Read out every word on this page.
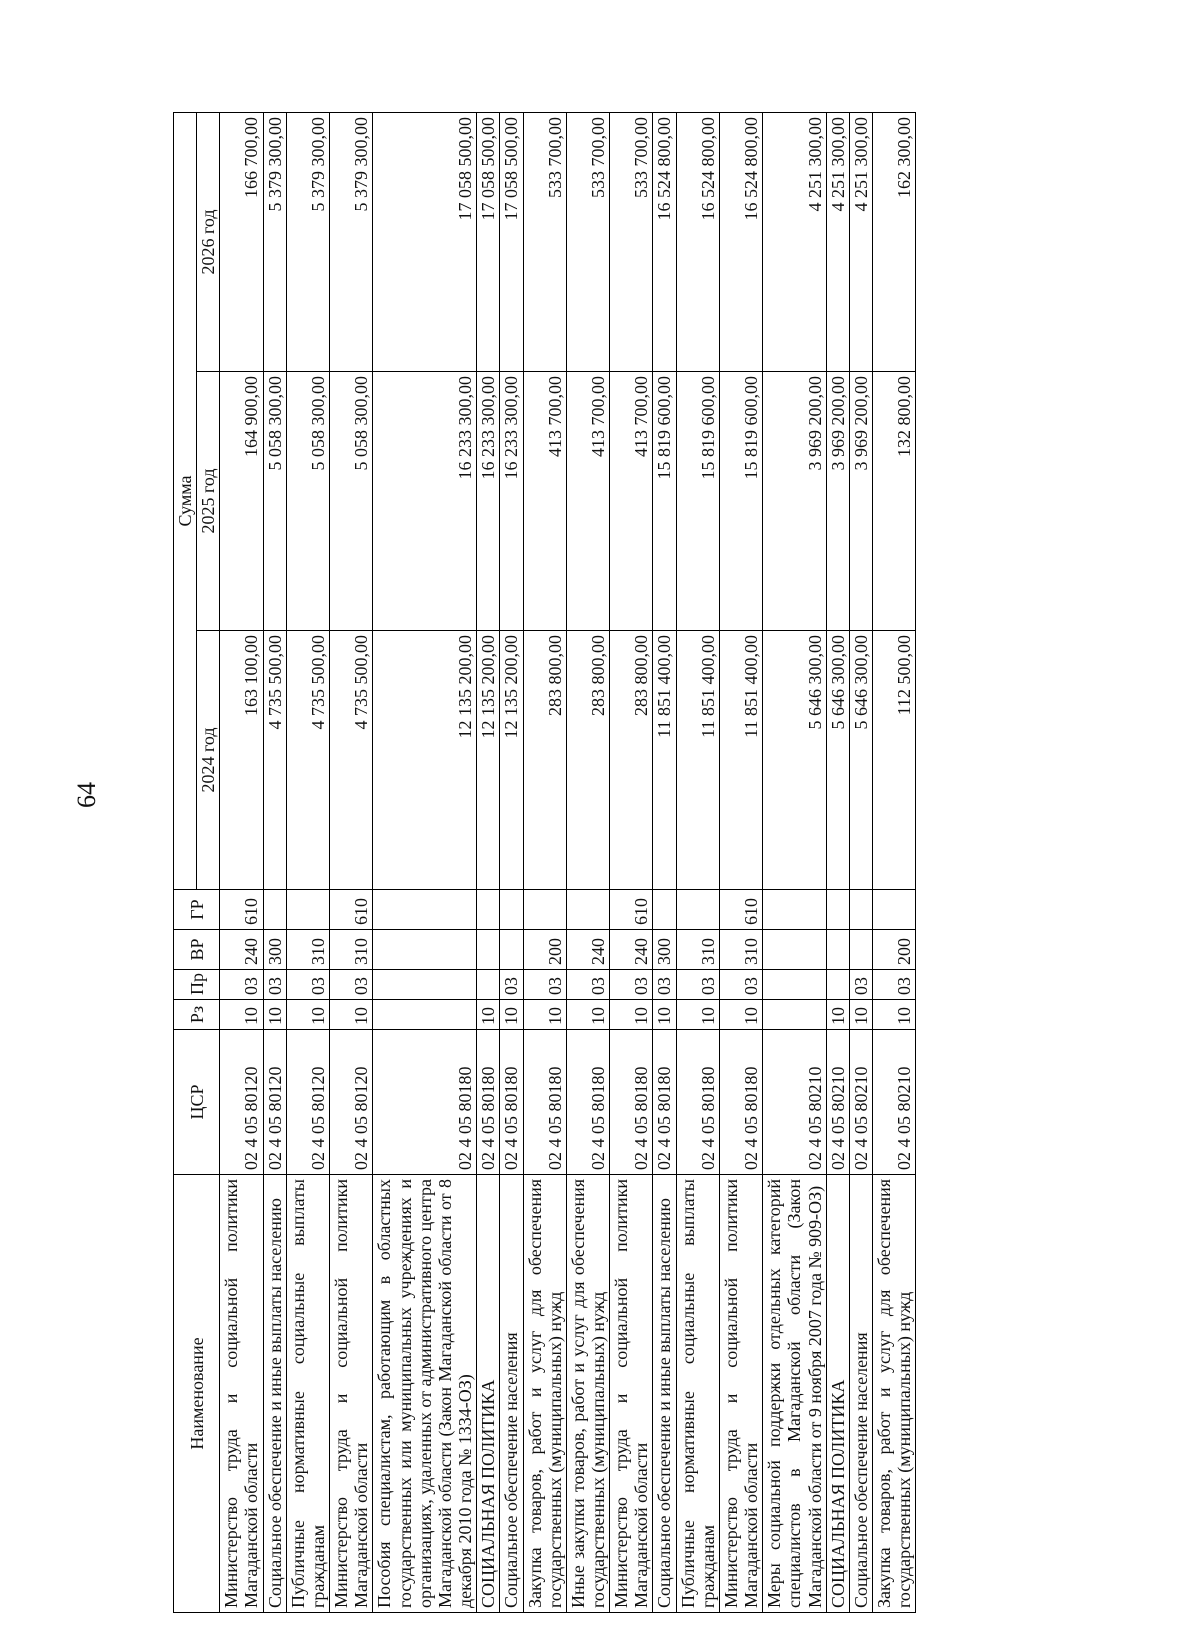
64
Наименование	ЦСР	Рз	Пр	ВР	ГР	Сумма		
						2024 год	2025 год	2026 год
Министерство труда и социальной политики Магаданской области	02 4 05 80120	10	03	240	610	163 100,00	164 900,00	166 700,00
Социальное обеспечение и иные выплаты населению	02 4 05 80120	10	03	300		4 735 500,00	5 058 300,00	5 379 300,00
Публичные нормативные социальные выплаты гражданам	02 4 05 80120	10	03	310		4 735 500,00	5 058 300,00	5 379 300,00
Министерство труда и социальной политики Магаданской области	02 4 05 80120	10	03	310	610	4 735 500,00	5 058 300,00	5 379 300,00
Пособия специалистам, работающим в областных государственных или муниципальных учреждениях и организациях, удаленных от административного центра Магаданской области (Закон Магаданской области от 8 декабря 2010 года № 1334-ОЗ)	02 4 05 80180					12 135 200,00	16 233 300,00	17 058 500,00
СОЦИАЛЬНАЯ ПОЛИТИКА	02 4 05 80180	10				12 135 200,00	16 233 300,00	17 058 500,00
Социальное обеспечение населения	02 4 05 80180	10	03			12 135 200,00	16 233 300,00	17 058 500,00
Закупка товаров, работ и услуг для обеспечения государственных (муниципальных) нужд	02 4 05 80180	10	03	200		283 800,00	413 700,00	533 700,00
Иные закупки товаров, работ и услуг для обеспечения государственных (муниципальных) нужд	02 4 05 80180	10	03	240		283 800,00	413 700,00	533 700,00
Министерство труда и социальной политики Магаданской области	02 4 05 80180	10	03	240	610	283 800,00	413 700,00	533 700,00
Социальное обеспечение и иные выплаты населению	02 4 05 80180	10	03	300		11 851 400,00	15 819 600,00	16 524 800,00
Публичные нормативные социальные выплаты гражданам	02 4 05 80180	10	03	310		11 851 400,00	15 819 600,00	16 524 800,00
Министерство труда и социальной политики Магаданской области	02 4 05 80180	10	03	310	610	11 851 400,00	15 819 600,00	16 524 800,00
Меры социальной поддержки отдельных категорий специалистов в Магаданской области (Закон Магаданской области от 9 ноября 2007 года № 909-ОЗ)	02 4 05 80210					5 646 300,00	3 969 200,00	4 251 300,00
СОЦИАЛЬНАЯ ПОЛИТИКА	02 4 05 80210	10				5 646 300,00	3 969 200,00	4 251 300,00
Социальное обеспечение населения	02 4 05 80210	10	03			5 646 300,00	3 969 200,00	4 251 300,00
Закупка товаров, работ и услуг для обеспечения государственных (муниципальных) нужд	02 4 05 80210	10	03	200		112 500,00	132 800,00	162 300,00
